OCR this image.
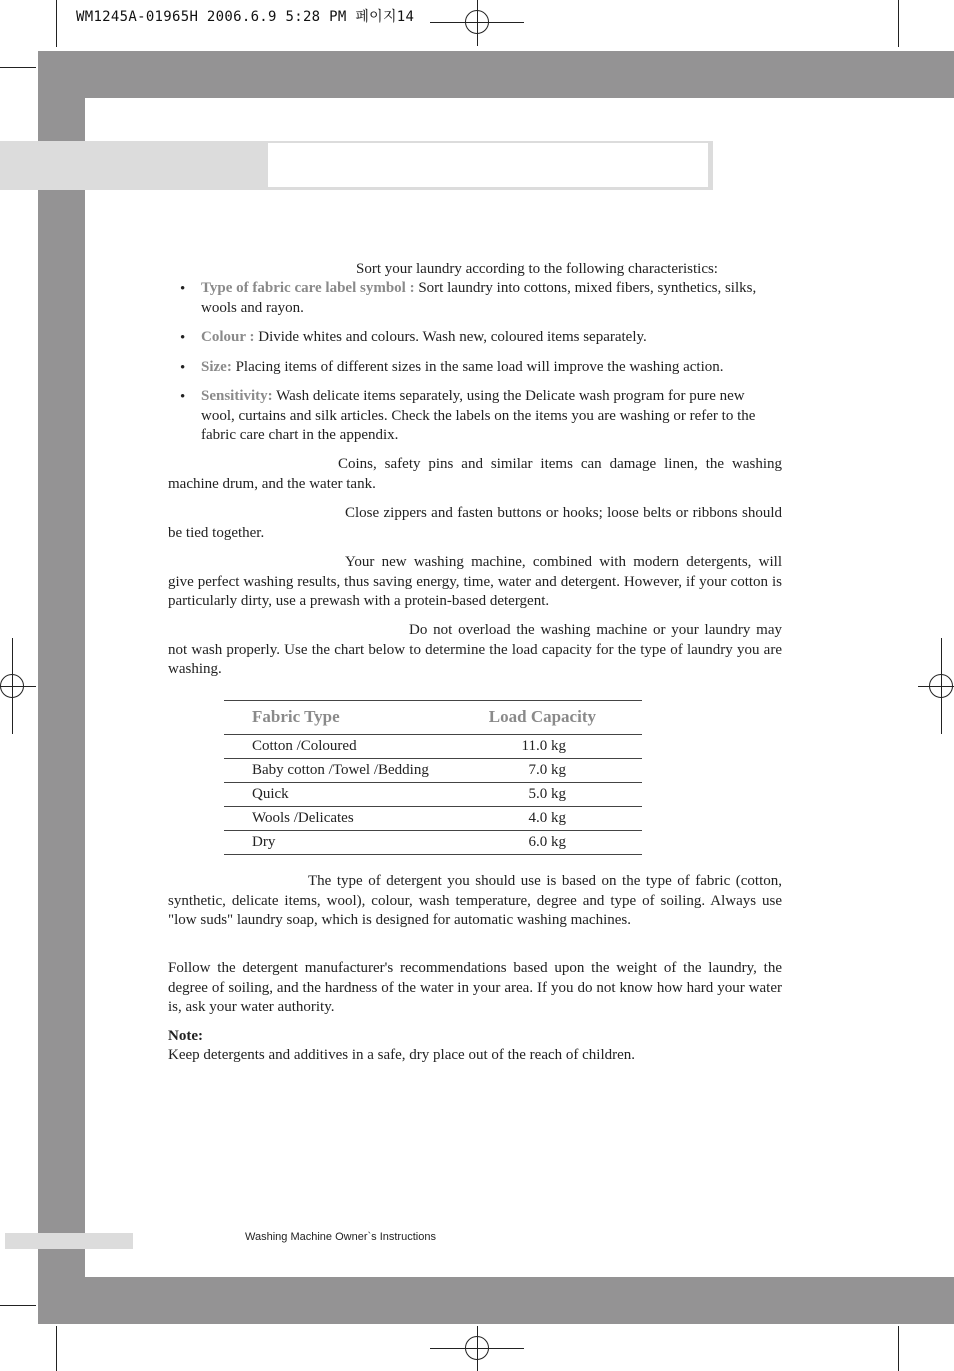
WM1245A-01965H 2006.6.9 5:28 PM 페이지14
Sort your laundry according to the following characteristics:
• Type of fabric care label symbol : Sort laundry into cottons, mixed fibers, synthetics, silks, wools and rayon.
• Colour : Divide whites and colours. Wash new, coloured items separately.
• Size: Placing items of different sizes in the same load will improve the washing action.
• Sensitivity: Wash delicate items separately, using the Delicate wash program for pure new wool, curtains and silk articles. Check the labels on the items you are washing or refer to the fabric care chart in the appendix.
Coins, safety pins and similar items can damage linen, the washing machine drum, and the water tank.
Close zippers and fasten buttons or hooks; loose belts or ribbons should be tied together.
Your new washing machine, combined with modern detergents, will give perfect washing results, thus saving energy, time, water and detergent. However, if your cotton is particularly dirty, use a prewash with a protein-based detergent.
Do not overload the washing machine or your laundry may not wash properly. Use the chart below to determine the load capacity for the type of laundry you are washing.
Fabric Type	Load Capacity
Cotton /Coloured	11.0 kg
Baby cotton /Towel /Bedding	7.0 kg
Quick	5.0 kg
Wools /Delicates	4.0 kg
Dry	6.0 kg
The type of detergent you should use is based on the type of fabric (cotton, synthetic, delicate items, wool), colour, wash temperature, degree and type of soiling. Always use "low suds" laundry soap, which is designed for automatic washing machines.
Follow the detergent manufacturer's recommendations based upon the weight of the laundry, the degree of soiling, and the hardness of the water in your area. If you do not know how hard your water is, ask your water authority.
Note:
Keep detergents and additives in a safe, dry place out of the reach of children.
Washing Machine Owner`s Instructions
